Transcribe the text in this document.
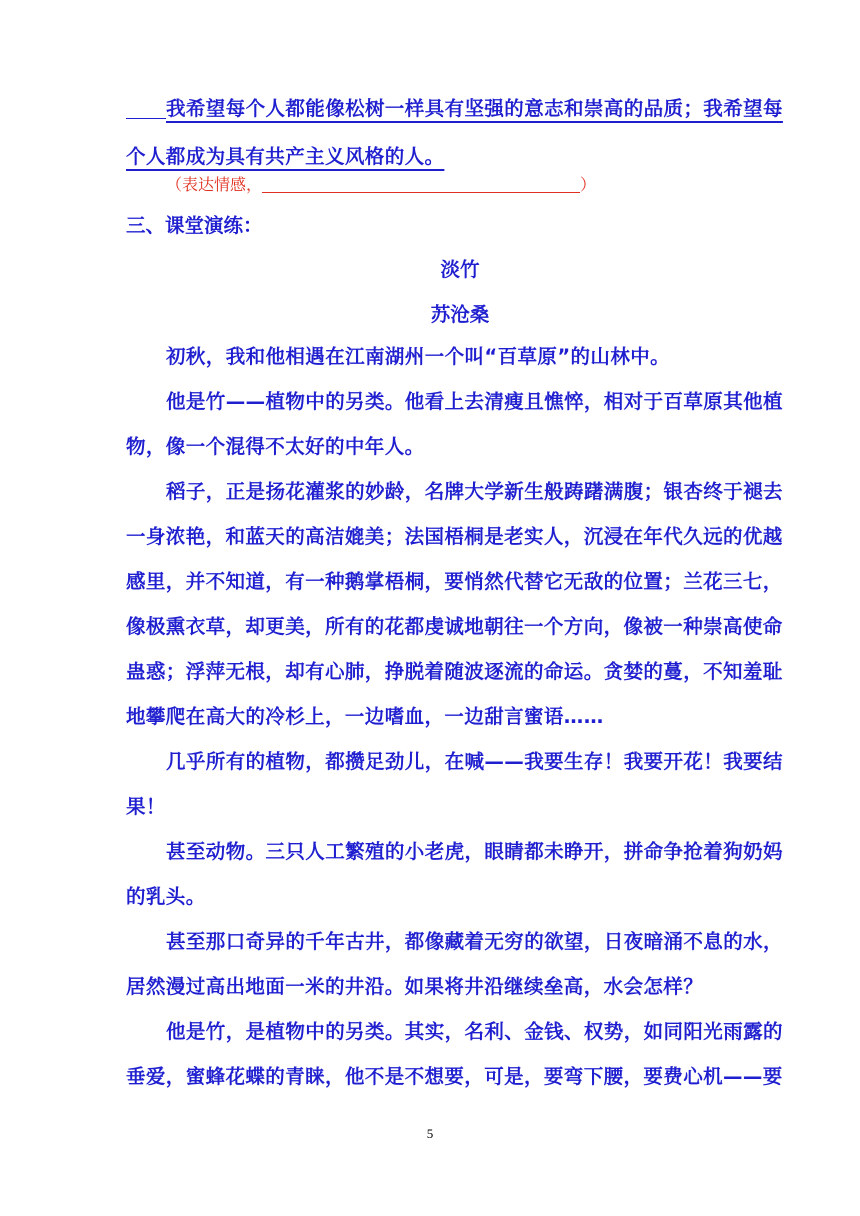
我希望每个人都能像松树一样具有坚强的意志和崇高的品质；我希望每
个人都成为具有共产主义风格的人。
（表达情感，	）
三、课堂演练：
淡竹
苏沧桑
初秋，我和他相遇在江南湖州一个叫“百草原”的山林中。
他是竹——植物中的另类。他看上去清瘦且憔悴，相对于百草原其他植
物，像一个混得不太好的中年人。
稻子，正是扬花灌浆的妙龄，名牌大学新生般踌躇满腹；银杏终于褪去
一身浓艳，和蓝天的高洁媲美；法国梧桐是老实人，沉浸在年代久远的优越
感里，并不知道，有一种鹅掌梧桐，要悄然代替它无敌的位置；兰花三七，
像极熏衣草，却更美，所有的花都虔诚地朝往一个方向，像被一种崇高使命
蛊惑；浮萍无根，却有心肺，挣脱着随波逐流的命运。贪婪的蔓，不知羞耻
地攀爬在高大的冷杉上，一边嗜血，一边甜言蜜语……
几乎所有的植物，都攒足劲儿，在喊——我要生存！我要开花！我要结
果！
甚至动物。三只人工繁殖的小老虎，眼睛都未睁开，拼命争抢着狗奶妈
的乳头。
甚至那口奇异的千年古井，都像藏着无穷的欲望，日夜暗涌不息的水，
居然漫过高出地面一米的井沿。如果将井沿继续垒高，水会怎样？
他是竹，是植物中的另类。其实，名利、金钱、权势，如同阳光雨露的
垂爱，蜜蜂花蝶的青睐，他不是不想要，可是，要弯下腰，要费心机——要
5
